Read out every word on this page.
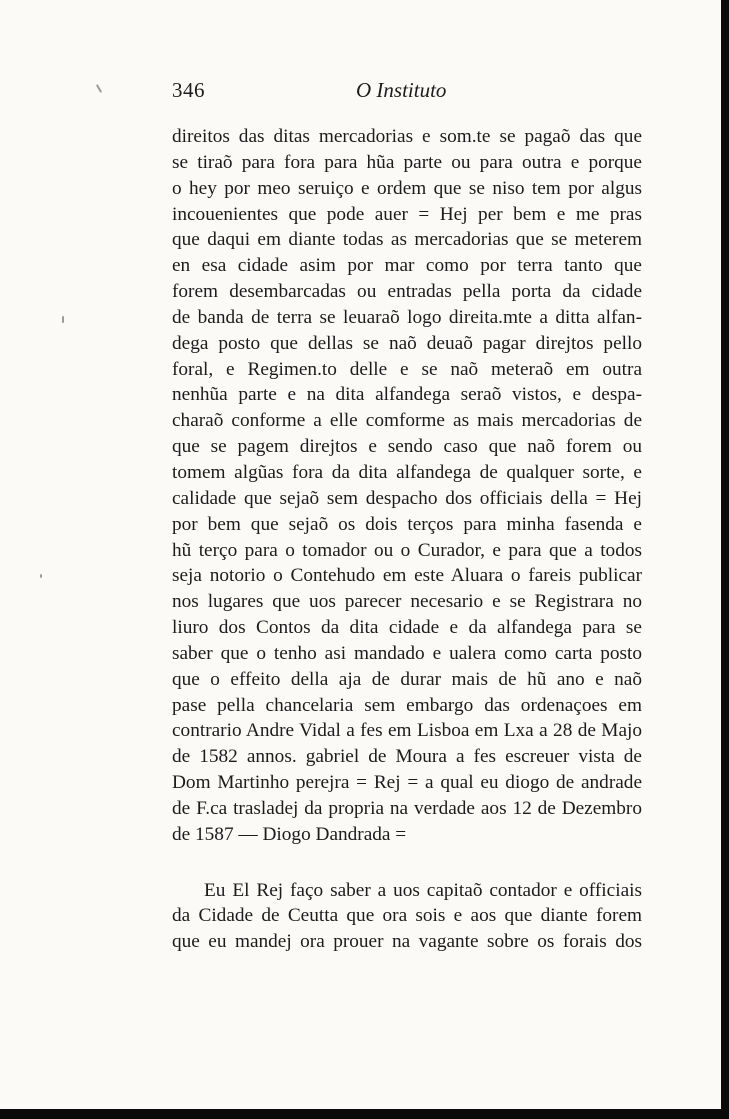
346	O Instituto
direitos das ditas mercadorias e som.te se pagaõ das que
se tiraõ para fora para hũa parte ou para outra e porque
o hey por meo seruiço e ordem que se niso tem por algus
incouenientes que pode auer = Hej per bem e me pras
que daqui em diante todas as mercadorias que se meterem
en esa cidade asim por mar como por terra tanto que
forem desembarcadas ou entradas pella porta da cidade
de banda de terra se leuaraõ logo direita.mte a ditta alfan-
dega posto que dellas se naõ deuaõ pagar direjtos pello
foral, e Regimen.to delle e se naõ meteraõ em outra
nenhũa parte e na dita alfandega seraõ vistos, e despa-
charaõ conforme a elle comforme as mais mercadorias de
que se pagem direjtos e sendo caso que naõ forem ou
tomem algũas fora da dita alfandega de qualquer sorte, e
calidade que sejaõ sem despacho dos officiais della = Hej
por bem que sejaõ os dois terços para minha fasenda e
hũ terço para o tomador ou o Curador, e para que a todos
seja notorio o Contehudo em este Aluara o fareis publicar
nos lugares que uos parecer necesario e se Registrara no
liuro dos Contos da dita cidade e da alfandega para se
saber que o tenho asi mandado e ualera como carta posto
que o effeito della aja de durar mais de hũ ano e naõ
pase pella chancelaria sem embargo das ordenaçoes em
contrario Andre Vidal a fes em Lisboa em Lxa a 28 de Majo
de 1582 annos. gabriel de Moura a fes escreuer vista de
Dom Martinho perejra = Rej = a qual eu diogo de andrade
de F.ca trasladej da propria na verdade aos 12 de Dezembro
de 1587 — Diogo Dandrada =
Eu El Rej faço saber a uos capitaõ contador e officiais
da Cidade de Ceutta que ora sois e aos que diante forem
que eu mandej ora prouer na vagante sobre os forais dos
